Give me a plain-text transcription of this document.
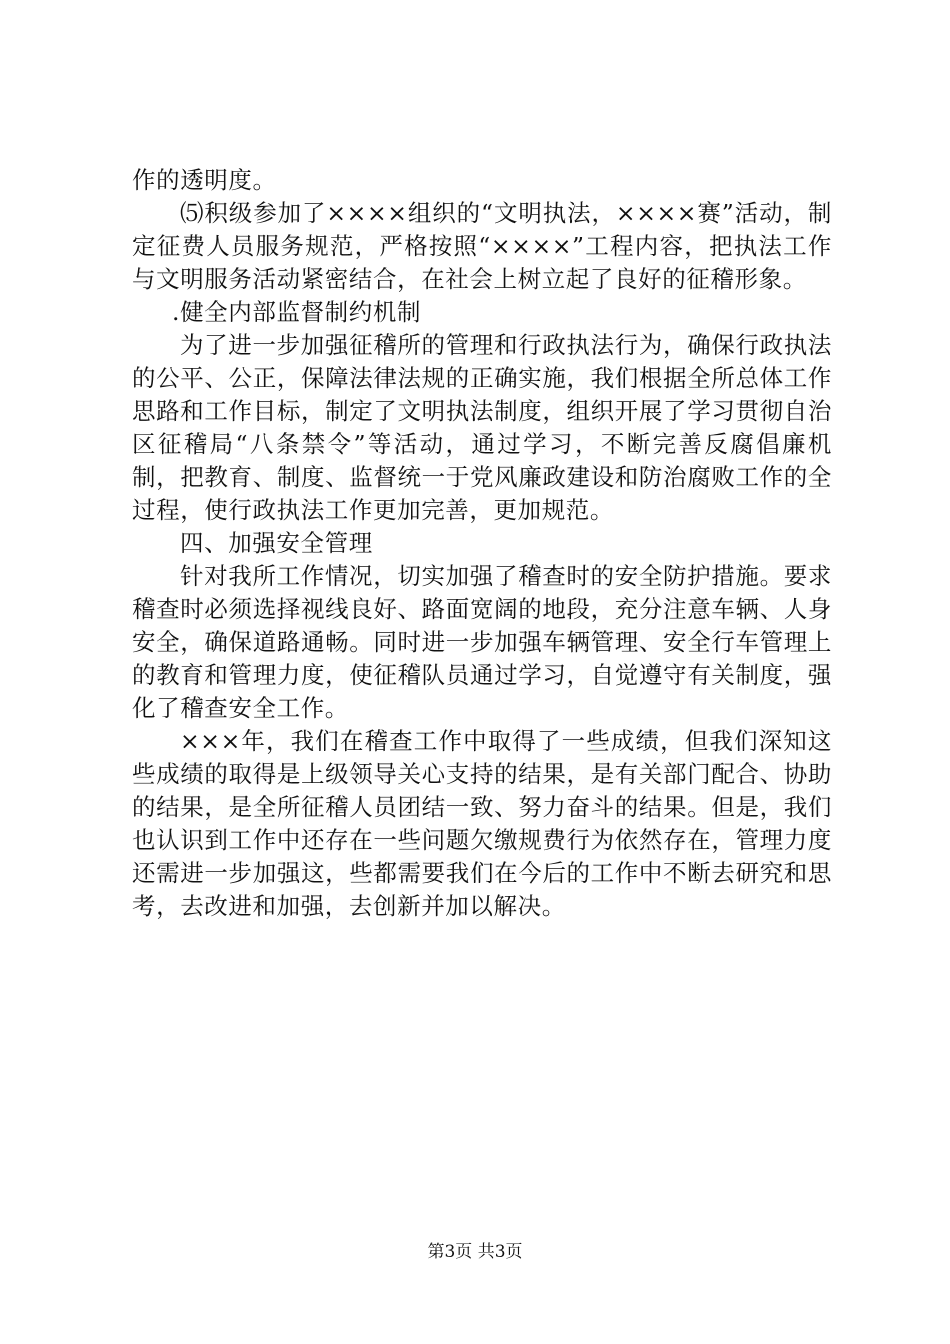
作的透明度。

⑸积级参加了××××组织的“文明执法，××××赛”活动，制定征费人员服务规范，严格按照“××××”工程内容，把执法工作与文明服务活动紧密结合，在社会上树立起了良好的征稽形象。

.健全内部监督制约机制

为了进一步加强征稽所的管理和行政执法行为，确保行政执法的公平、公正，保障法律法规的正确实施，我们根据全所总体工作思路和工作目标，制定了文明执法制度，组织开展了学习贯彻自治区征稽局“八条禁令”等活动，通过学习，不断完善反腐倡廉机制，把教育、制度、监督统一于党风廉政建设和防治腐败工作的全过程，使行政执法工作更加完善，更加规范。

四、加强安全管理

针对我所工作情况，切实加强了稽查时的安全防护措施。要求稽查时必须选择视线良好、路面宽阔的地段，充分注意车辆、人身安全，确保道路通畅。同时进一步加强车辆管理、安全行车管理上的教育和管理力度，使征稽队员通过学习，自觉遵守有关制度，强化了稽查安全工作。

×××年，我们在稽查工作中取得了一些成绩，但我们深知这些成绩的取得是上级领导关心支持的结果，是有关部门配合、协助的结果，是全所征稽人员团结一致、努力奋斗的结果。但是，我们也认识到工作中还存在一些问题欠缴规费行为依然存在，管理力度还需进一步加强这，些都需要我们在今后的工作中不断去研究和思考，去改进和加强，去创新并加以解决。

第3页 共3页
